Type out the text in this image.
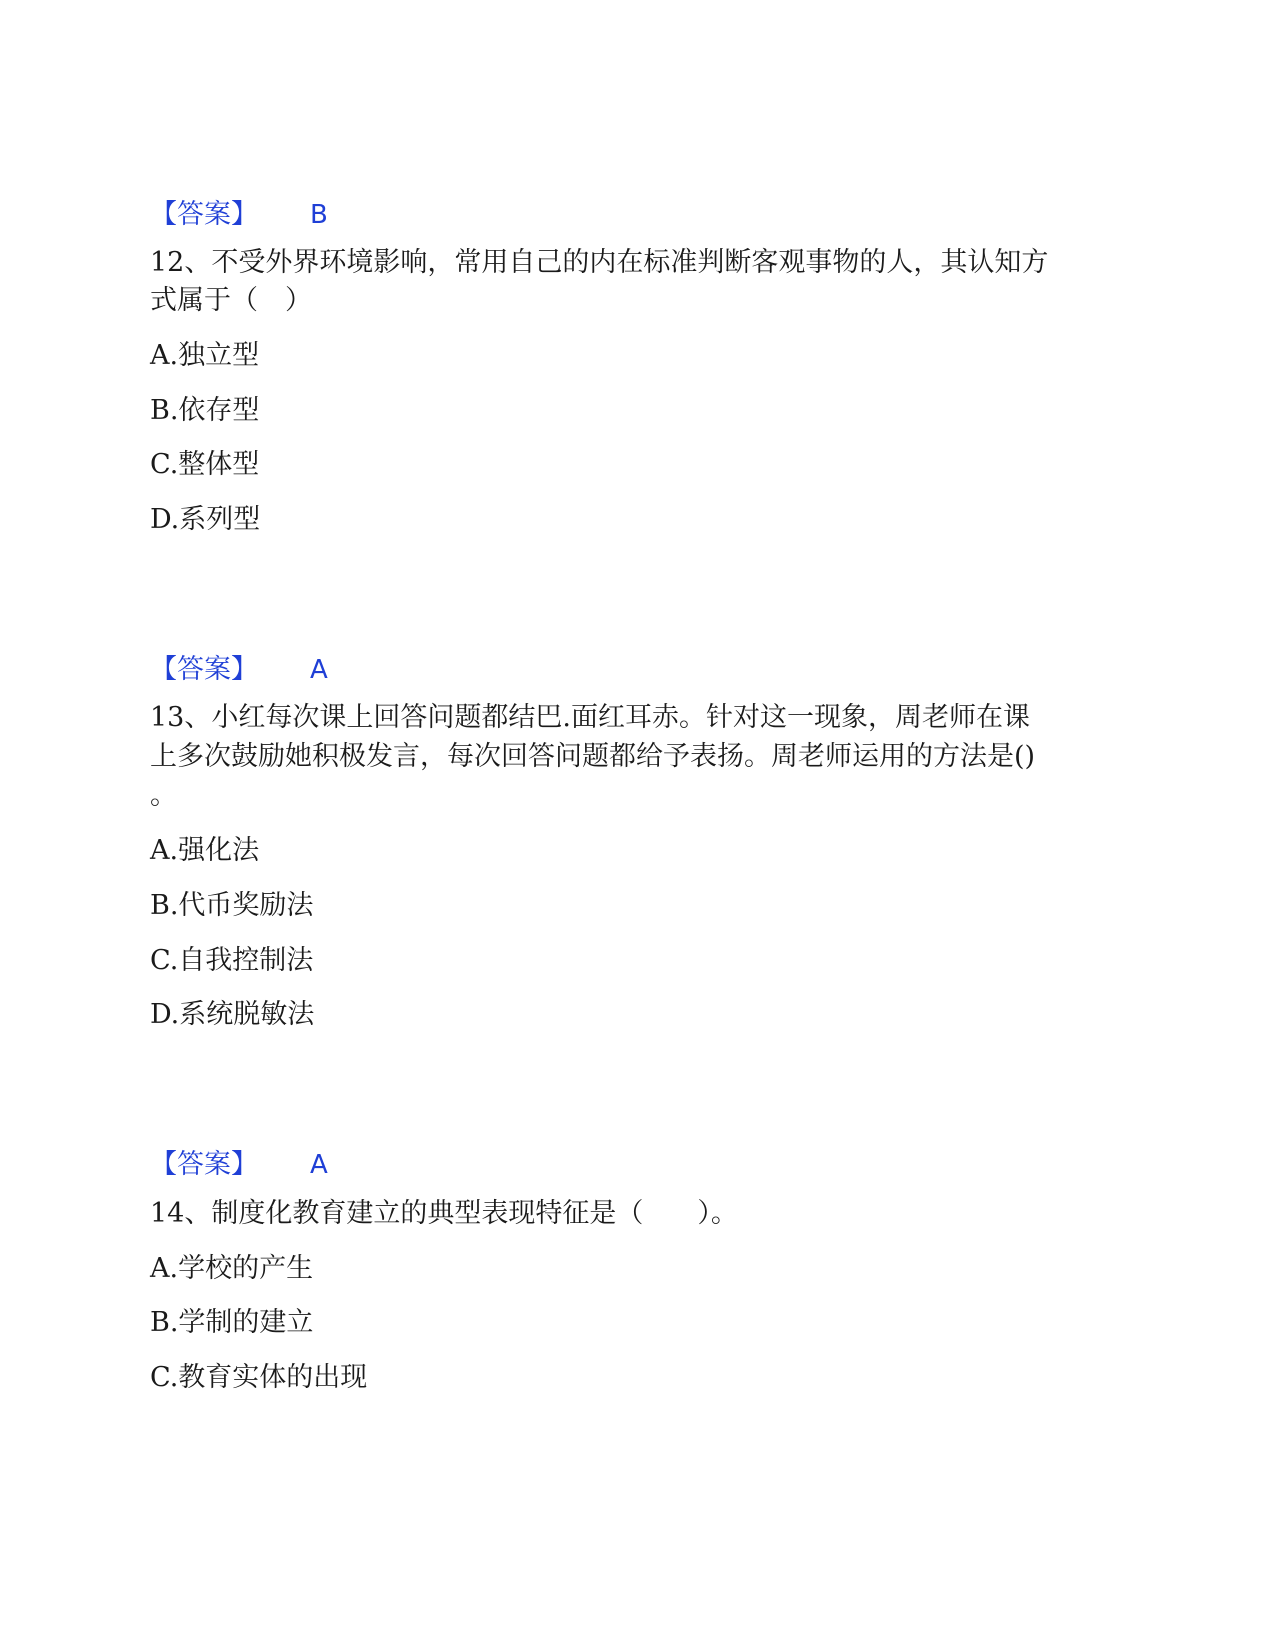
【答案】 B
12、不受外界环境影响，常用自己的内在标准判断客观事物的人，其认知方
式属于（　）
A.独立型
B.依存型
C.整体型
D.系列型
【答案】 A
13、小红每次课上回答问题都结巴.面红耳赤。针对这一现象，周老师在课
上多次鼓励她积极发言，每次回答问题都给予表扬。周老师运用的方法是()
。
A.强化法
B.代币奖励法
C.自我控制法
D.系统脱敏法
【答案】 A
14、制度化教育建立的典型表现特征是（　　）。
A.学校的产生
B.学制的建立
C.教育实体的出现
